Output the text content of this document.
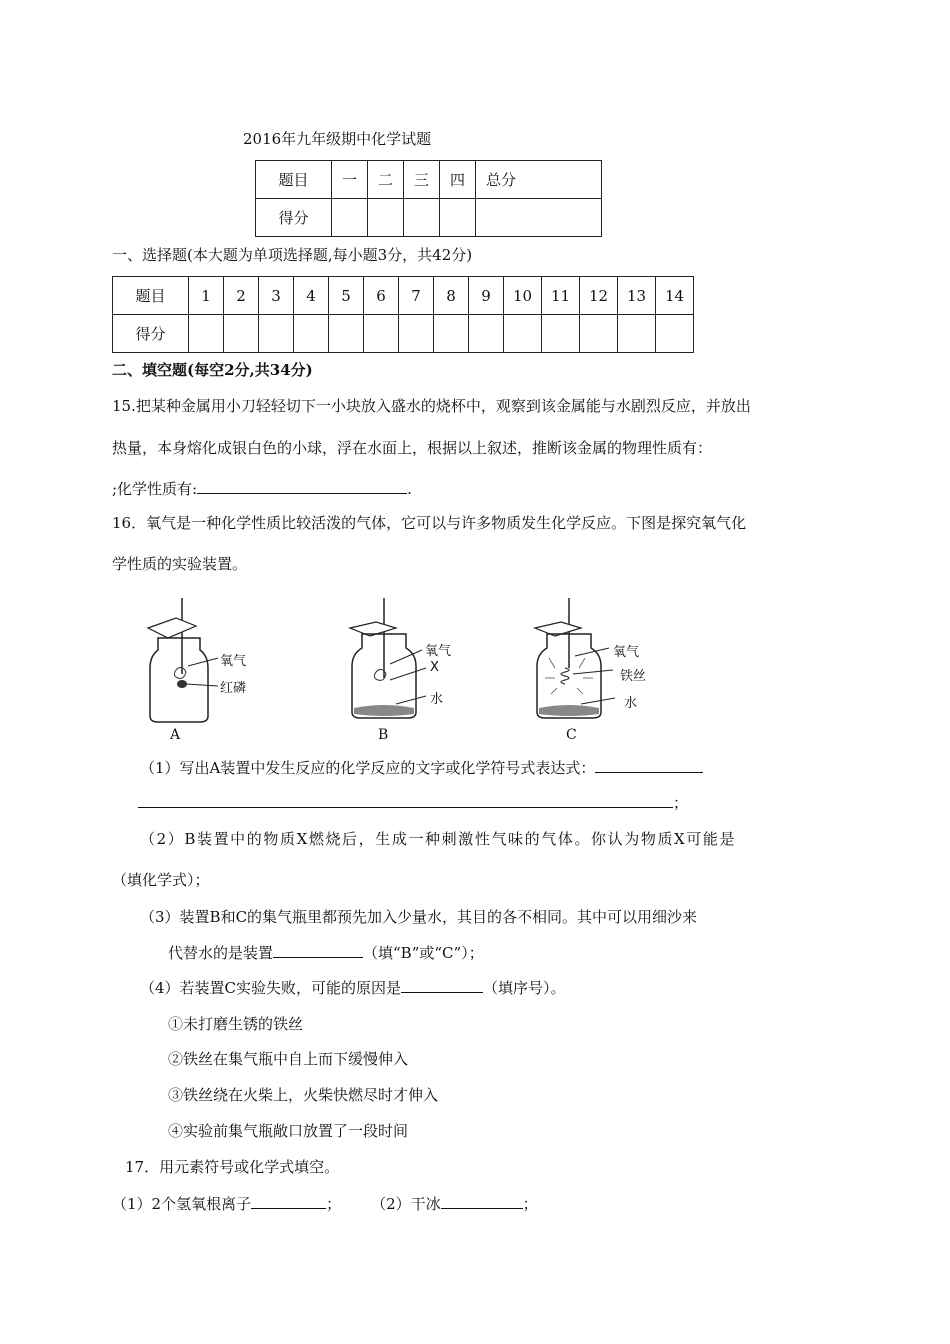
2016年九年级期中化学试题
题目	一	二	三	四	总分
得分					
一、选择题(本大题为单项选择题,每小题3分，共42分)
题目	1	2	3	4	5	6	7	8	9	10	11	12	13	14
得分														
二、填空题(每空2分,共34分)
15.把某种金属用小刀轻轻切下一小块放入盛水的烧杯中，观察到该金属能与水剧烈反应，并放出
热量，本身熔化成银白色的小球，浮在水面上，根据以上叙述，推断该金属的物理性质有：
;化学性质有:	.
16．氧气是一种化学性质比较活泼的气体，它可以与许多物质发生化学反应。下图是探究氧气化
学性质的实验装置。
氧气
红磷
A
氧气
X
水
B
氧气
铁丝
水
C
（1）写出A装置中发生反应的化学反应的文字或化学符号式表达式：
；
（2）B装置中的物质X燃烧后，生成一种刺激性气味的气体。你认为物质X可能是
（填化学式）；
（3）装置B和C的集气瓶里都预先加入少量水，其目的各不相同。其中可以用细沙来
代替水的是装置	（填“B”或“C”）；
（4）若装置C实验失败，可能的原因是	（填序号）。
①未打磨生锈的铁丝
②铁丝在集气瓶中自上而下缓慢伸入
③铁丝绕在火柴上，火柴快燃尽时才伸入
④实验前集气瓶敞口放置了一段时间
17．用元素符号或化学式填空。
（1）2个氢氧根离子	； （2）干冰	；
